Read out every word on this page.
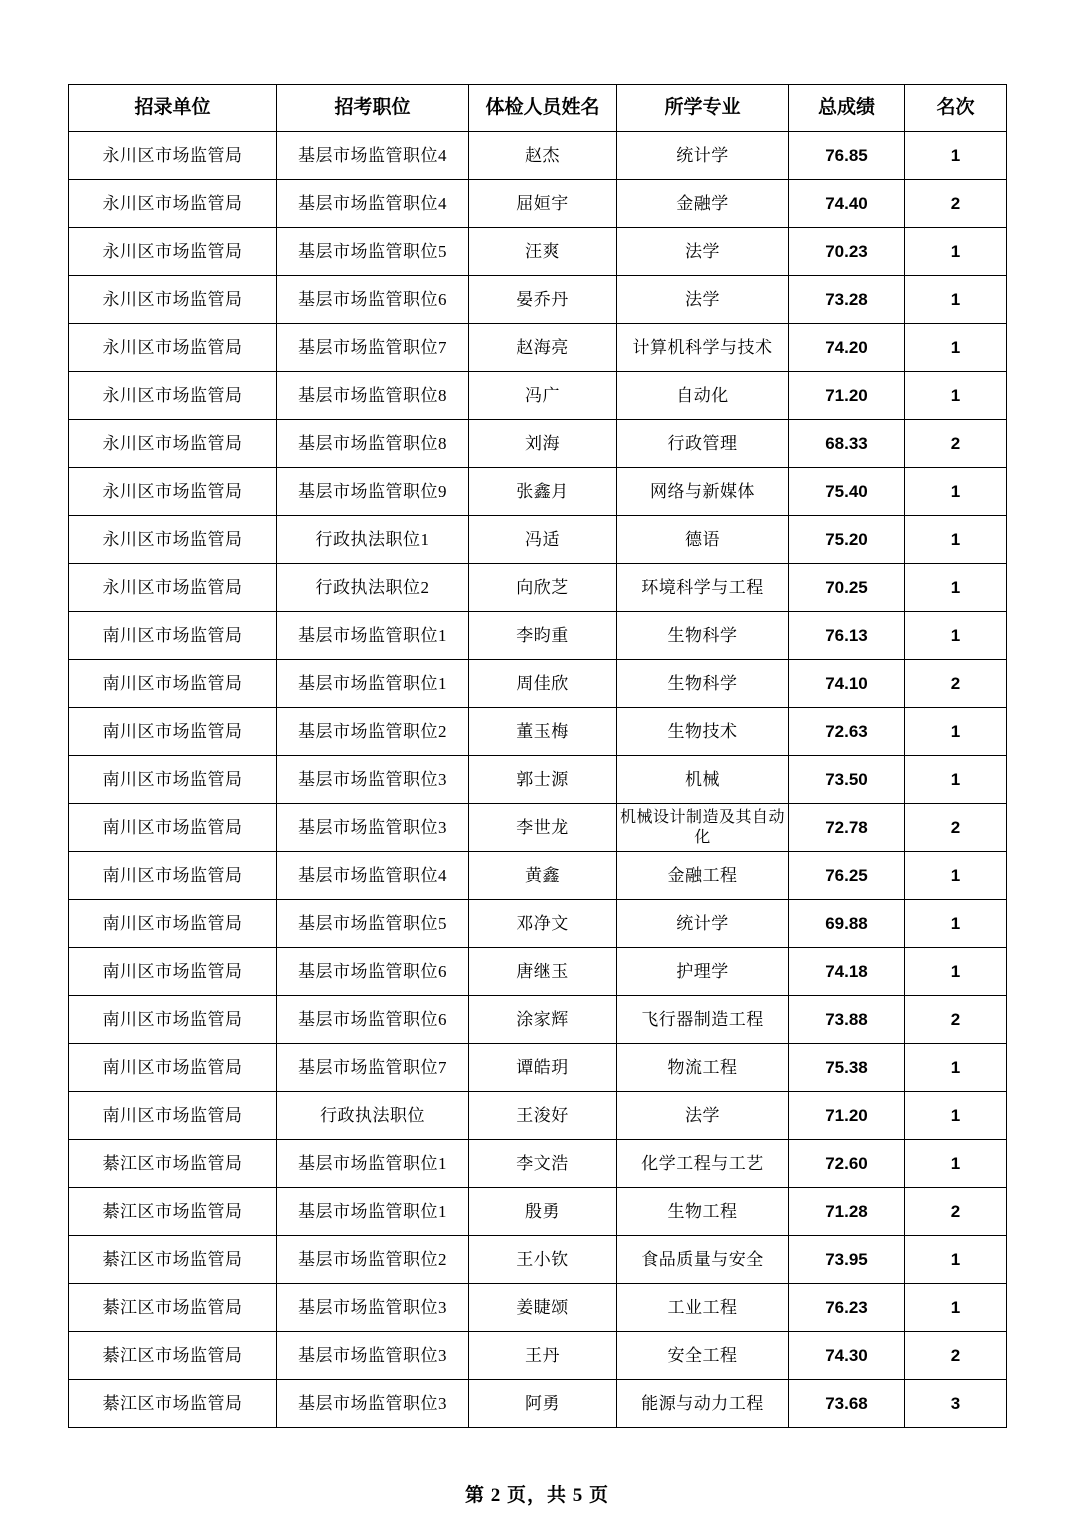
招录单位	招考职位	体检人员姓名	所学专业	总成绩	名次
永川区市场监管局	基层市场监管职位4	赵杰	统计学	76.85	1
永川区市场监管局	基层市场监管职位4	屈姮宇	金融学	74.40	2
永川区市场监管局	基层市场监管职位5	汪爽	法学	70.23	1
永川区市场监管局	基层市场监管职位6	晏乔丹	法学	73.28	1
永川区市场监管局	基层市场监管职位7	赵海亮	计算机科学与技术	74.20	1
永川区市场监管局	基层市场监管职位8	冯广	自动化	71.20	1
永川区市场监管局	基层市场监管职位8	刘海	行政管理	68.33	2
永川区市场监管局	基层市场监管职位9	张鑫月	网络与新媒体	75.40	1
永川区市场监管局	行政执法职位1	冯适	德语	75.20	1
永川区市场监管局	行政执法职位2	向欣芝	环境科学与工程	70.25	1
南川区市场监管局	基层市场监管职位1	李昀重	生物科学	76.13	1
南川区市场监管局	基层市场监管职位1	周佳欣	生物科学	74.10	2
南川区市场监管局	基层市场监管职位2	董玉梅	生物技术	72.63	1
南川区市场监管局	基层市场监管职位3	郭士源	机械	73.50	1
南川区市场监管局	基层市场监管职位3	李世龙	机械设计制造及其自动化	72.78	2
南川区市场监管局	基层市场监管职位4	黄鑫	金融工程	76.25	1
南川区市场监管局	基层市场监管职位5	邓净文	统计学	69.88	1
南川区市场监管局	基层市场监管职位6	唐继玉	护理学	74.18	1
南川区市场监管局	基层市场监管职位6	涂家辉	飞行器制造工程	73.88	2
南川区市场监管局	基层市场监管职位7	谭皓玥	物流工程	75.38	1
南川区市场监管局	行政执法职位	王浚好	法学	71.20	1
綦江区市场监管局	基层市场监管职位1	李文浩	化学工程与工艺	72.60	1
綦江区市场监管局	基层市场监管职位1	殷勇	生物工程	71.28	2
綦江区市场监管局	基层市场监管职位2	王小钦	食品质量与安全	73.95	1
綦江区市场监管局	基层市场监管职位3	姜睫颂	工业工程	76.23	1
綦江区市场监管局	基层市场监管职位3	王丹	安全工程	74.30	2
綦江区市场监管局	基层市场监管职位3	阿勇	能源与动力工程	73.68	3
第 2 页，共 5 页
